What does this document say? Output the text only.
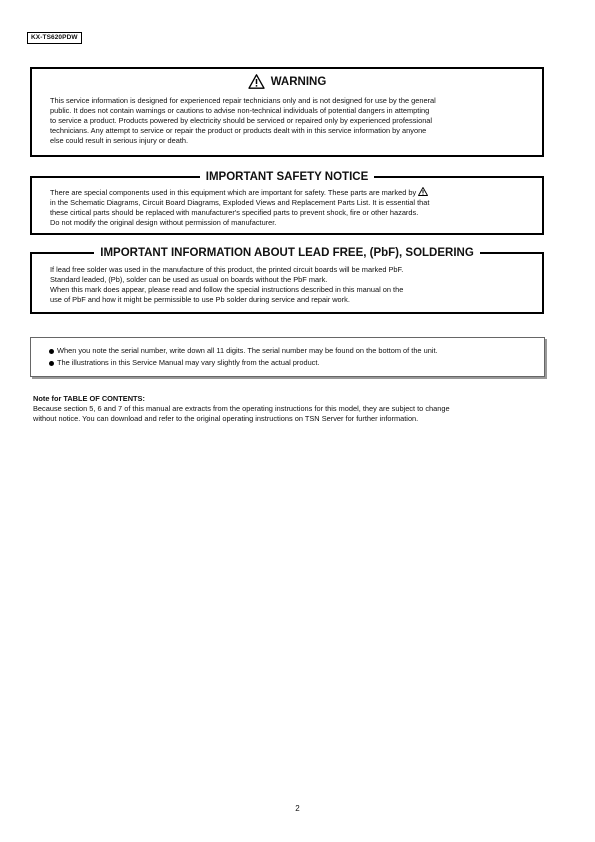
KX-TS620PDW
WARNING

This service information is designed for experienced repair technicians only and is not designed for use by the general
public. It does not contain warnings or cautions to advise non-technical individuals of potential dangers in attempting
to service a product. Products powered by electricity should be serviced or repaired only by experienced professional
technicians. Any attempt to service or repair the product or products dealt with in this service information by anyone
else could result in serious injury or death.

IMPORTANT SAFETY NOTICE

There are special components used in this equipment which are important for safety. These parts are marked by
in the Schematic Diagrams, Circuit Board Diagrams, Exploded Views and Replacement Parts List. It is essential that
these cirtical parts should be replaced with manufacturer's specified parts to prevent shock, fire or other hazards.
Do not modify the original design without permission of manufacturer.

IMPORTANT INFORMATION ABOUT LEAD FREE, (PbF), SOLDERING

If lead free solder was used in the manufacture of this product, the printed circuit boards will be marked PbF.
Standard leaded, (Pb), solder can be used as usual on boards without the PbF mark.
When this mark does appear, please read and follow the special instructions described in this manual on the
use of PbF and how it might be permissible to use Pb solder during service and repair work.

When you note the serial number, write down all 11 digits. The serial number may be found on the bottom of the unit.
The illustrations in this Service Manual may vary slightly from the actual product.
Note for TABLE OF CONTENTS:
Because section 5, 6 and 7 of this manual are extracts from the operating instructions for this model, they are subject to change
without notice. You can download and refer to the original operating instructions on TSN Server for further information.
2
